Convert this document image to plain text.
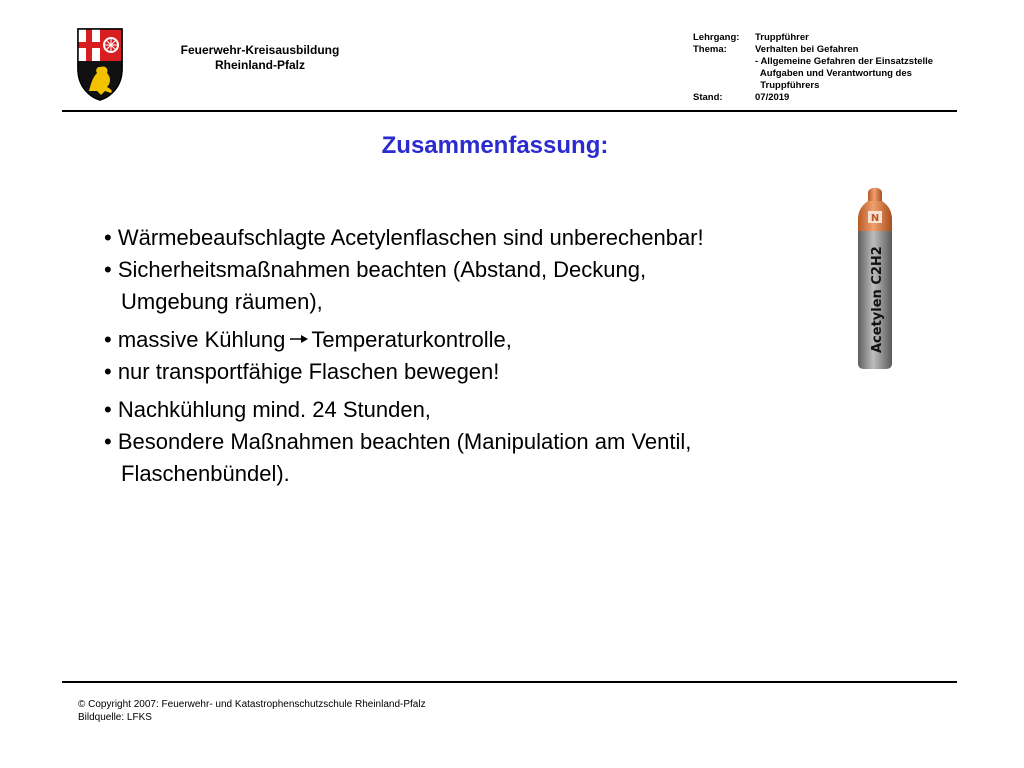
Feuerwehr-Kreisausbildung
Rheinland-Pfalz
Lehrgang:	Truppführer
Thema:	Verhalten bei Gefahren
- Allgemeine Gefahren der Einsatzstelle
Aufgaben und Verantwortung des
Truppführers
Stand:	07/2019
Zusammenfassung:
• Wärmebeaufschlagte Acetylenflaschen sind unberechenbar!
• Sicherheitsmaßnahmen beachten (Abstand, Deckung,
Umgebung räumen),
• massive Kühlung Temperaturkontrolle,
• nur transportfähige Flaschen bewegen!
• Nachkühlung mind. 24 Stunden,
• Besondere Maßnahmen beachten (Manipulation am Ventil,
Flaschenbündel).
N
Acetylen C2H2
© Copyright 2007: Feuerwehr- und Katastrophenschutzschule Rheinland-Pfalz
Bildquelle: LFKS
